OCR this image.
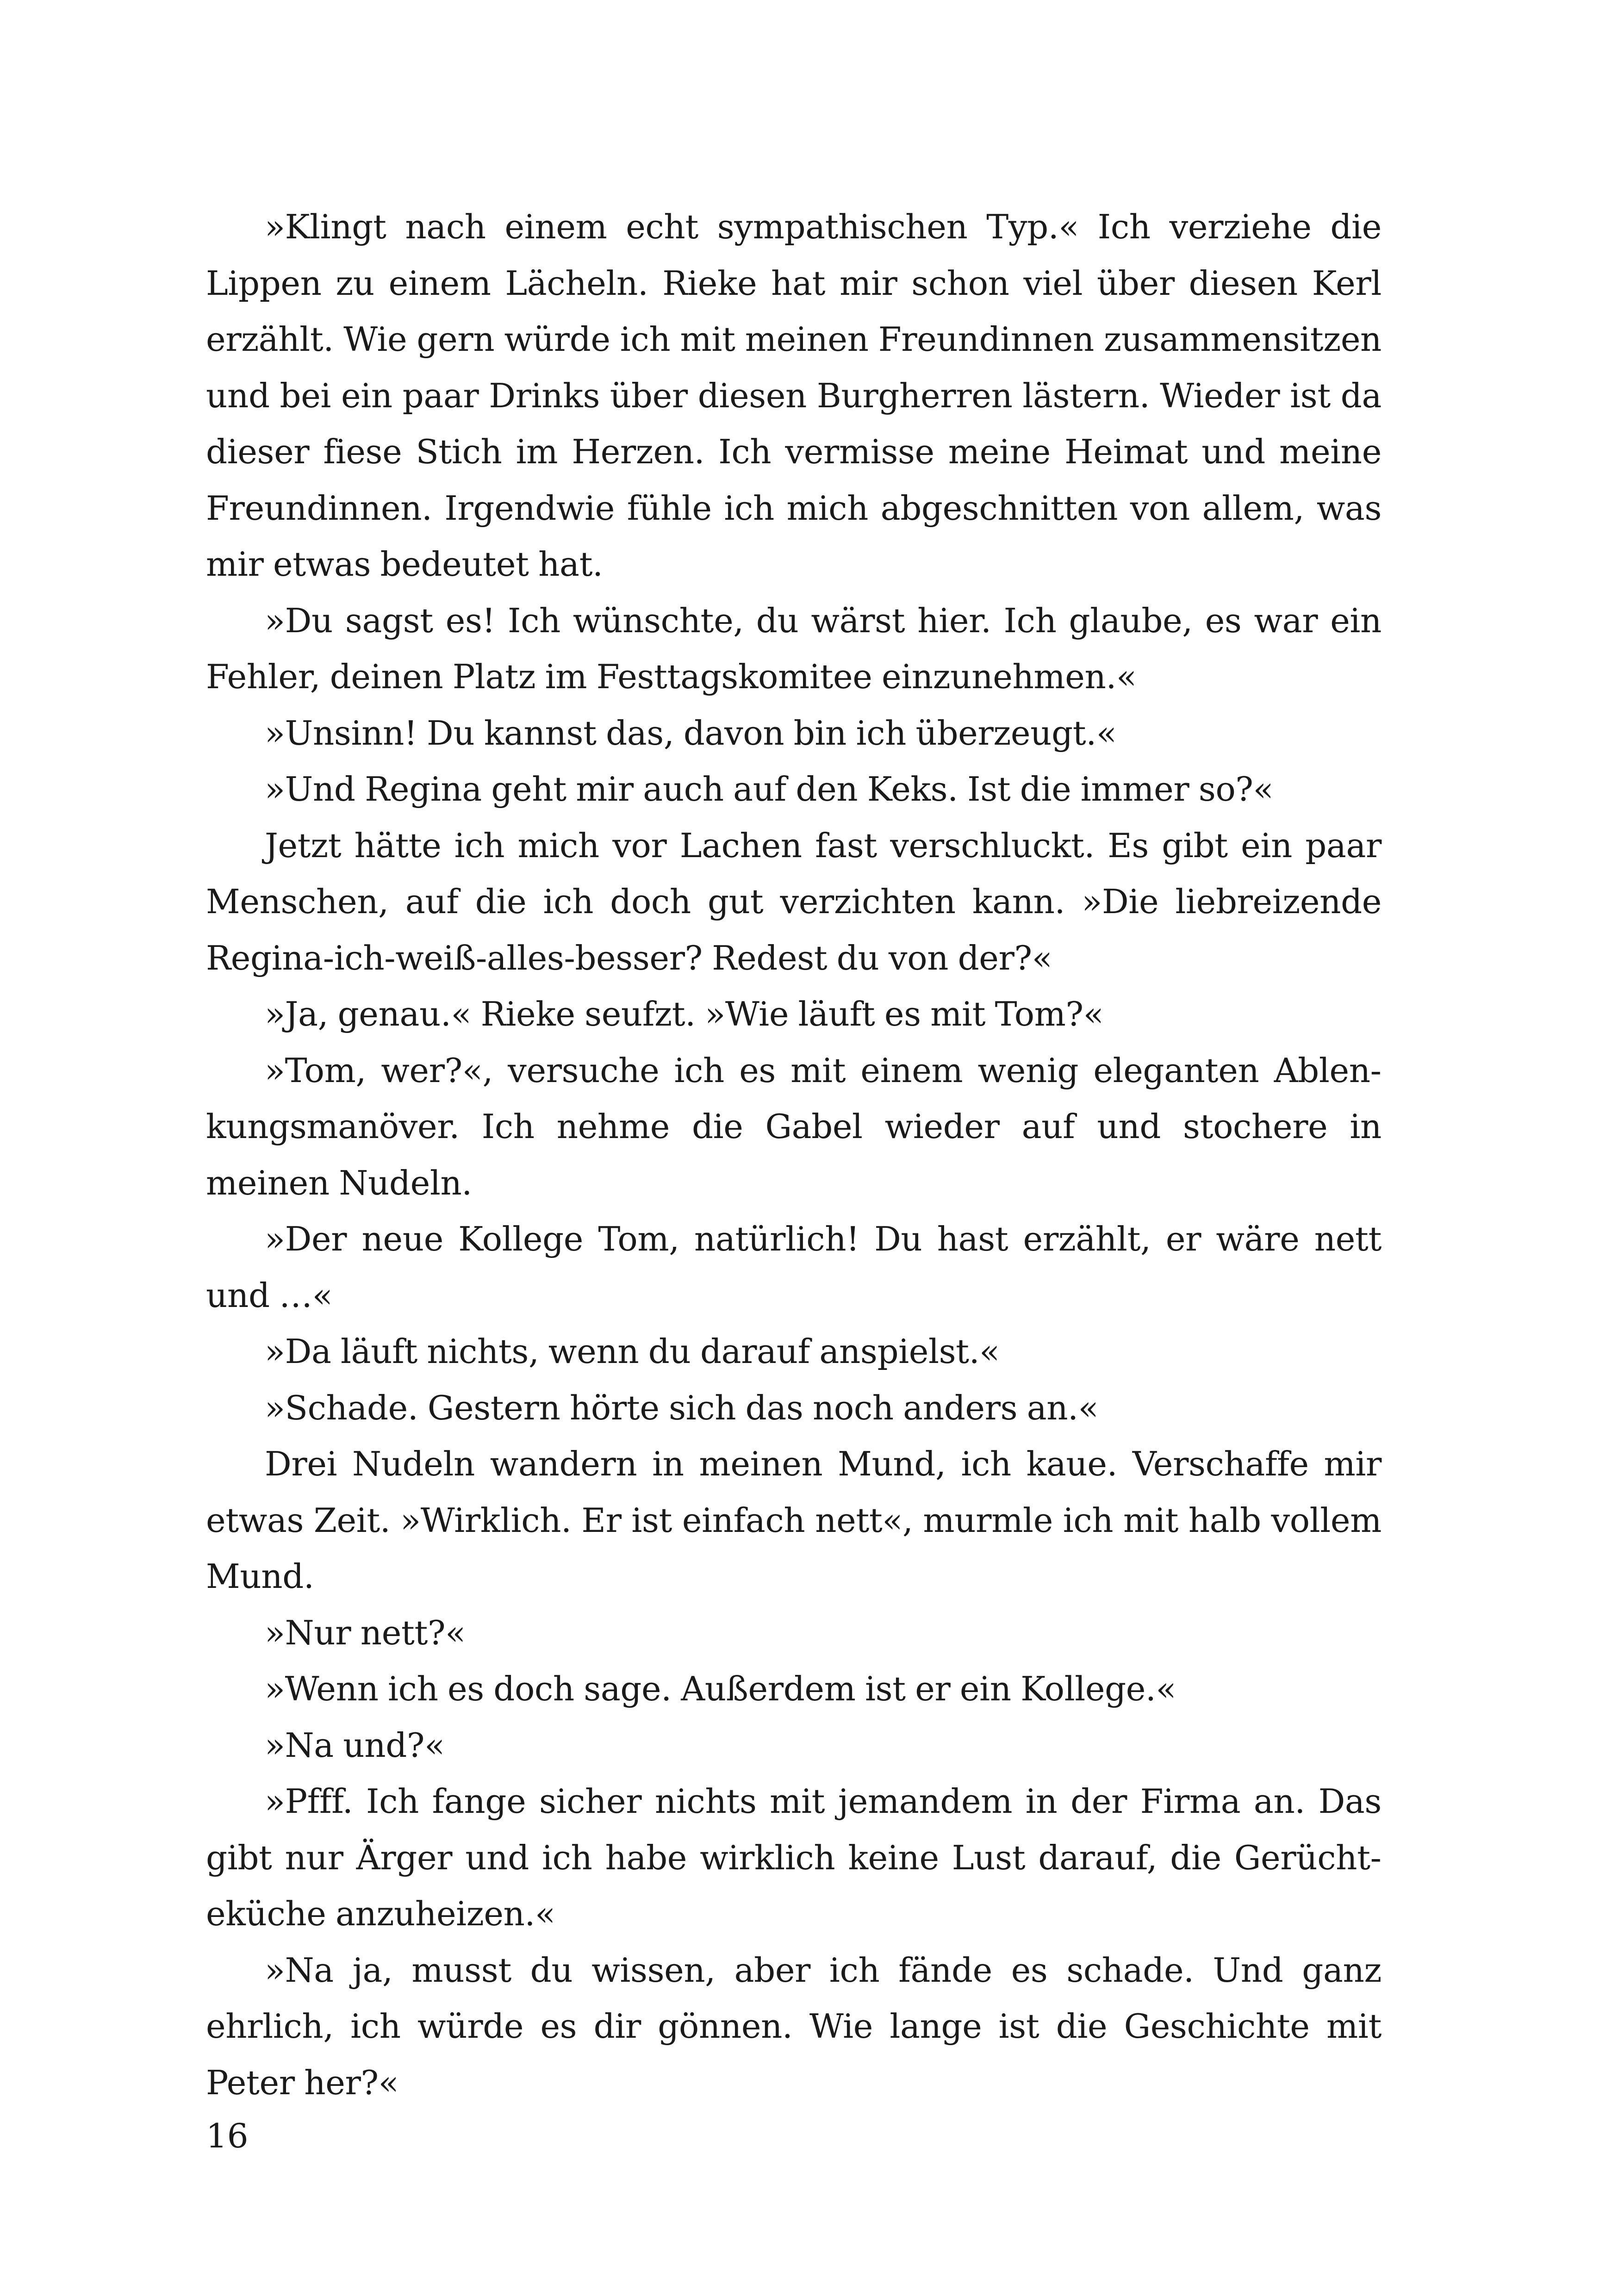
»Klingt nach einem echt sympathischen Typ.« Ich verziehe die Lippen zu einem Lächeln. Rieke hat mir schon viel über diesen Kerl erzählt. Wie gern würde ich mit meinen Freundinnen zusammensitzen und bei ein paar Drinks über diesen Burgherren lästern. Wieder ist da dieser fiese Stich im Herzen. Ich vermisse meine Heimat und meine Freundinnen. Irgendwie fühle ich mich abgeschnitten von allem, was mir etwas bedeutet hat.

»Du sagst es! Ich wünschte, du wärst hier. Ich glaube, es war ein Fehler, deinen Platz im Festtagskomitee einzunehmen.«

»Unsinn! Du kannst das, davon bin ich überzeugt.«

»Und Regina geht mir auch auf den Keks. Ist die immer so?«

Jetzt hätte ich mich vor Lachen fast verschluckt. Es gibt ein paar Menschen, auf die ich doch gut verzichten kann. »Die liebreizende Regina-ich-weiß-alles-besser? Redest du von der?«

»Ja, genau.« Rieke seufzt. »Wie läuft es mit Tom?«

»Tom, wer?«, versuche ich es mit einem wenig eleganten Ablenkungsmanöver. Ich nehme die Gabel wieder auf und stochere in meinen Nudeln.

»Der neue Kollege Tom, natürlich! Du hast erzählt, er wäre nett und …«

»Da läuft nichts, wenn du darauf anspielst.«

»Schade. Gestern hörte sich das noch anders an.«

Drei Nudeln wandern in meinen Mund, ich kaue. Verschaffe mir etwas Zeit. »Wirklich. Er ist einfach nett«, murmle ich mit halb vollem Mund.

»Nur nett?«

»Wenn ich es doch sage. Außerdem ist er ein Kollege.«

»Na und?«

»Pfff. Ich fange sicher nichts mit jemandem in der Firma an. Das gibt nur Ärger und ich habe wirklich keine Lust darauf, die Gerüchteküche anzuheizen.«

»Na ja, musst du wissen, aber ich fände es schade. Und ganz ehrlich, ich würde es dir gönnen. Wie lange ist die Geschichte mit Peter her?«

16
